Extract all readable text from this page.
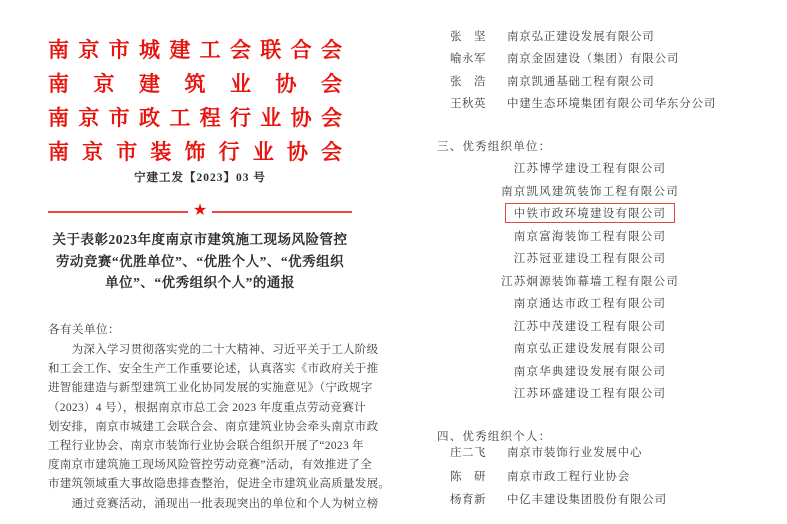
南 京 市 城 建 工 会 联 合 会
南 京 建 筑 业 协 会
南 京 市 政 工 程 行 业 协 会
南 京 市 装 饰 行 业 协 会
宁建工发【2023】03 号
★
关于表彰2023年度南京市建筑施工现场风险管控
劳动竞赛“优胜单位”、“优胜个人”、“优秀组织
单位”、“优秀组织个人”的通报
各有关单位：
　　为深入学习贯彻落实党的二十大精神、习近平关于工人阶级
和工会工作、安全生产工作重要论述，认真落实《市政府关于推
进智能建造与新型建筑工业化协同发展的实施意见》（宁政规字
（2023）4 号），根据南京市总工会 2023 年度重点劳动竞赛计
划安排，南京市城建工会联合会、南京建筑业协会牵头南京市政
工程行业协会、南京市装饰行业协会联合组织开展了“2023 年
度南京市建筑施工现场风险管控劳动竞赛”活动，有效推进了全
市建筑领域重大事故隐患排查整治，促进全市建筑业高质量发展。
　　通过竞赛活动，涌现出一批表现突出的单位和个人为树立榜
张　坚	南京弘正建设发展有限公司
喻永军	南京金固建设（集团）有限公司
张　浩	南京凯通基础工程有限公司
王秋英	中建生态环境集团有限公司华东分公司
三、优秀组织单位：
江苏博学建设工程有限公司
南京凯风建筑装饰工程有限公司
中铁市政环境建设有限公司
南京富海装饰工程有限公司
江苏冠亚建设工程有限公司
江苏炯源装饰幕墙工程有限公司
南京通达市政工程有限公司
江苏中茂建设工程有限公司
南京弘正建设发展有限公司
南京华典建设发展有限公司
江苏环盛建设工程有限公司
四、优秀组织个人：
庄二飞	南京市装饰行业发展中心
陈　研	南京市政工程行业协会
杨育新	中亿丰建设集团股份有限公司
